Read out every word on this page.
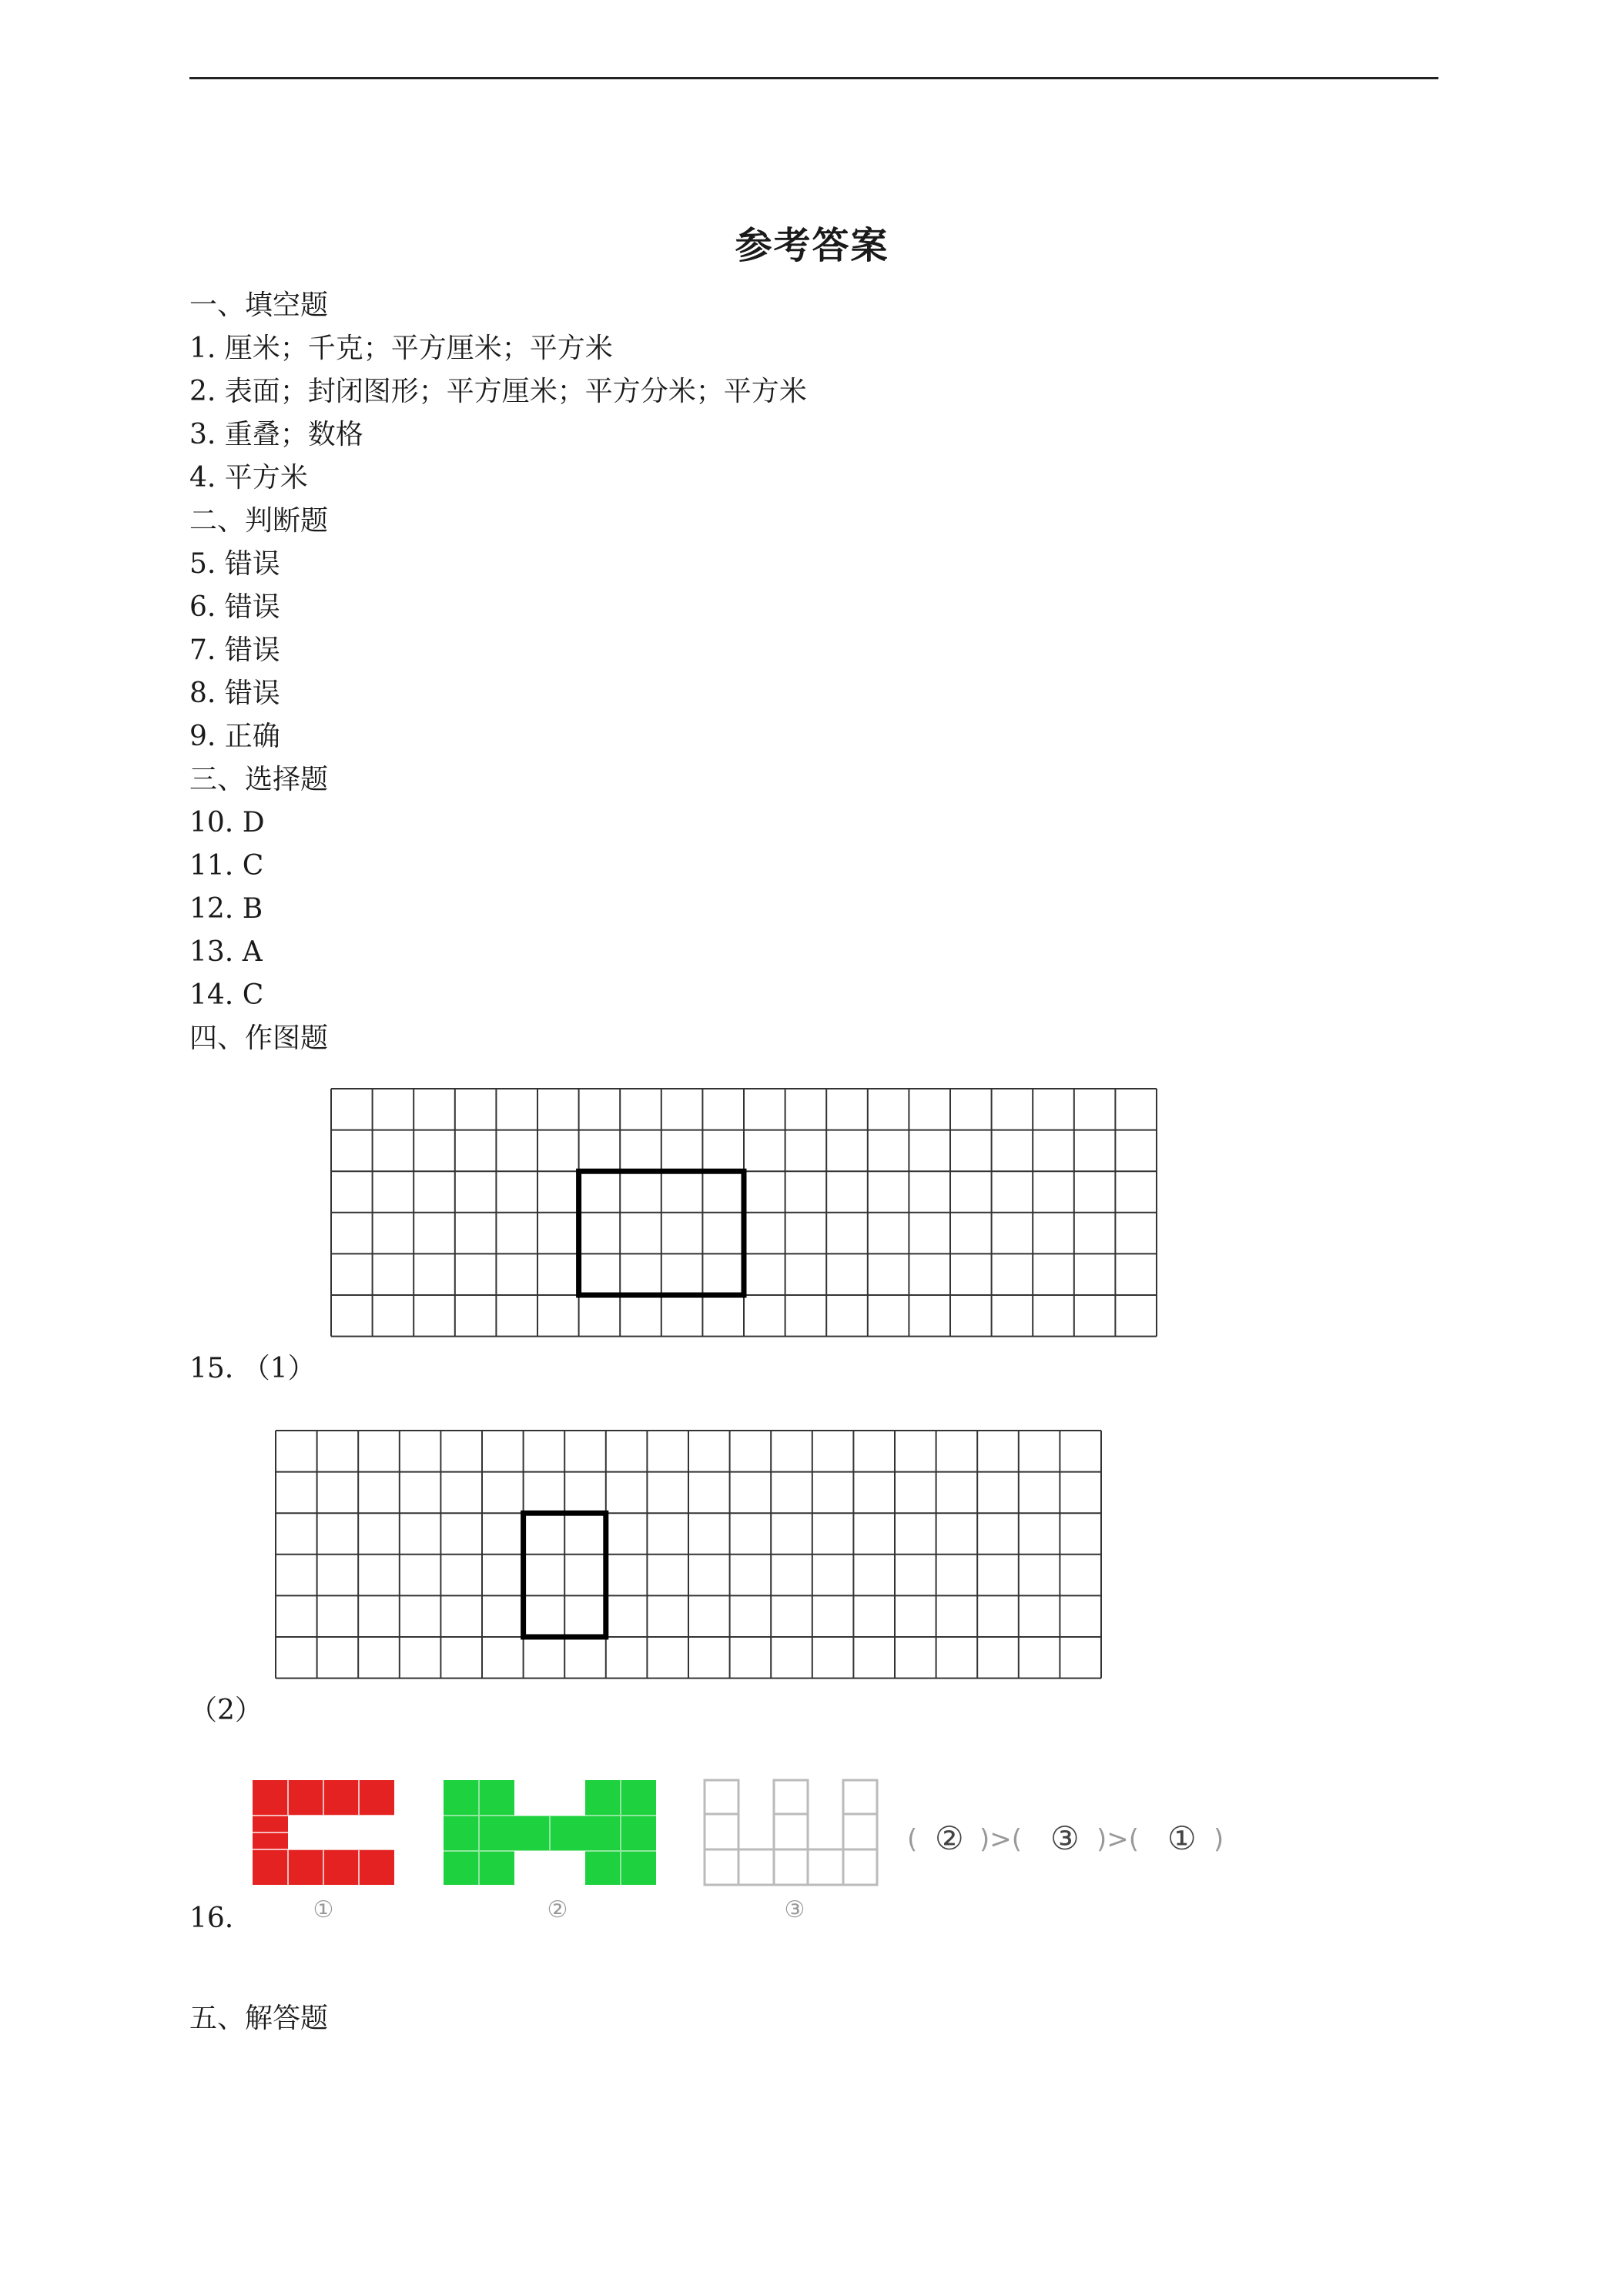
参考答案
一、填空题
1. 厘米；千克；平方厘米；平方米
2. 表面；封闭图形；平方厘米；平方分米；平方米
3. 重叠；数格
4. 平方米
二、判断题
5. 错误
6. 错误
7. 错误
8. 错误
9. 正确
三、选择题
10. D
11. C
12. B
13. A
14. C
四、作图题
15. （1）
（2）
①	②	③
( ② )>( ③ )>( ① )
16.
五、解答题
